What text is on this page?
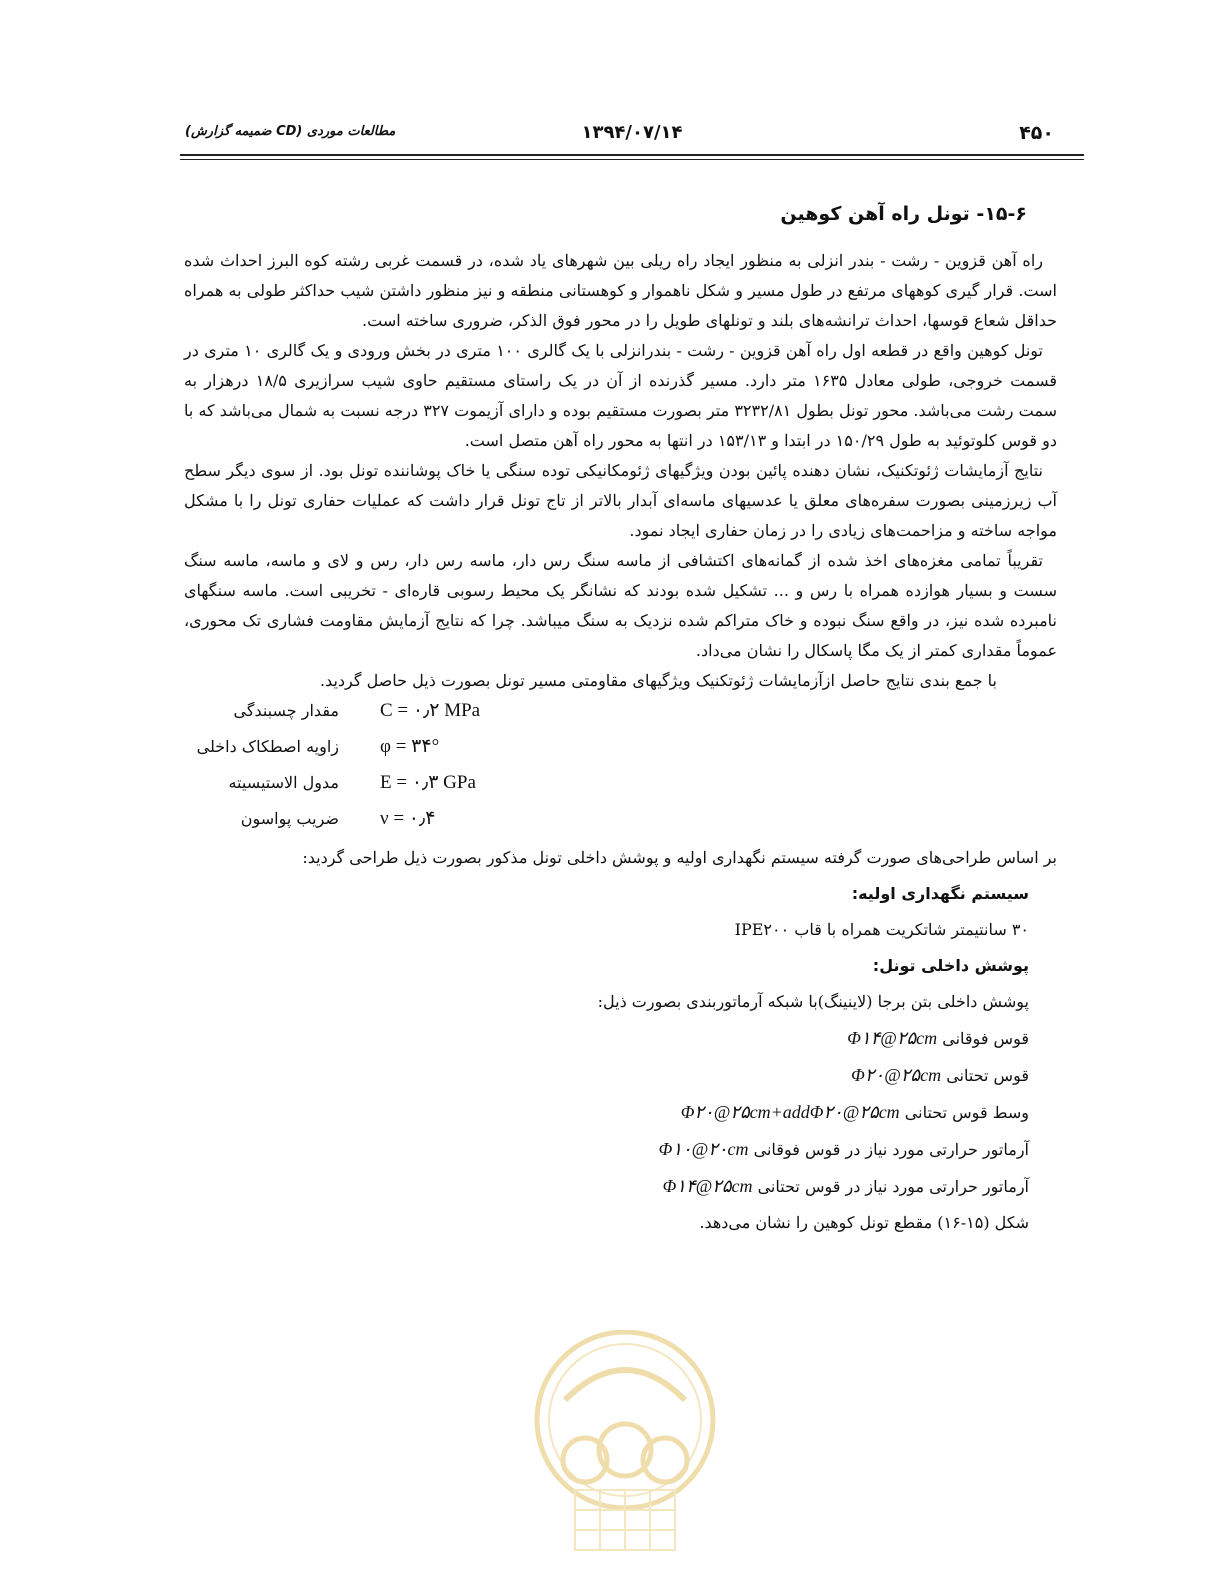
۴۵۰
۱۳۹۴/۰۷/۱۴
مطالعات موردی (CD ضمیمه گزارش)
۱۵-۶- تونل راه آهن کوهین

راه آهن قزوین - رشت - بندر انزلی به منظور ایجاد راه ریلی بین شهرهای یاد شده، در قسمت غربی رشته کوه البرز احداث شده است. قرار گیری کوههای مرتفع در طول مسیر و شکل ناهموار و کوهستانی منطقه و نیز منظور داشتن شیب حداکثر طولی به همراه حداقل شعاع قوسها، احداث ترانشه‌های بلند و تونلهای طویل را در محور فوق الذکر، ضروری ساخته است.

تونل کوهین واقع در قطعه اول راه آهن قزوین - رشت - بندرانزلی با یک گالری ۱۰۰ متری در بخش ورودی و یک گالری ۱۰ متری در قسمت خروجی، طولی معادل ۱۶۳۵ متر دارد. مسیر گذرنده از آن در یک راستای مستقیم حاوی شیب سرازیری ۱۸/۵ درهزار به سمت رشت می‌باشد. محور تونل بطول ۳۲۳۲/۸۱ متر بصورت مستقیم بوده و دارای آزیموت ۳۲۷ درجه نسبت به شمال می‌باشد که با دو قوس کلوتوئید به طول ۱۵۰/۲۹ در ابتدا و ۱۵۳/۱۳ در انتها به محور راه آهن متصل است.

نتایج آزمایشات ژئوتکنیک، نشان دهنده پائین بودن ویژگیهای ژئومکانیکی توده سنگی یا خاک پوشاننده تونل بود. از سوی دیگر سطح آب زیرزمینی بصورت سفره‌های معلق یا عدسیهای ماسه‌ای آبدار بالاتر از تاج تونل قرار داشت که عملیات حفاری تونل را با مشکل مواجه ساخته و مزاحمت‌های زیادی را در زمان حفاری ایجاد نمود.

تقریباً تمامی مغزه‌های اخذ شده از گمانه‌های اکتشافی از ماسه سنگ رس دار، ماسه رس دار، رس و لای و ماسه، ماسه سنگ سست و بسیار هوازده همراه با رس و ... تشکیل شده بودند که نشانگر یک محیط رسوبی قاره‌ای - تخریبی است. ماسه سنگهای نامبرده شده نیز، در واقع سنگ نبوده و خاک متراکم شده نزدیک به سنگ میباشد. چرا که نتایج آزمایش مقاومت فشاری تک محوری، عموماً مقداری کمتر از یک مگا پاسکال را نشان می‌داد.

با جمع بندی نتایج حاصل ازآزمایشات ژئوتکنیک ویژگیهای مقاومتی مسیر تونل بصورت ذیل حاصل گردید.

مقدار چسبندگی C = ۰٫۲ MPa
زاویه اصطکاک داخلی φ = ۳۴°
مدول الاستیسیته E = ۰٫۳ GPa
ضریب پواسون ν = ۰٫۴
بر اساس طراحی‌های صورت گرفته سیستم نگهداری اولیه و پوشش داخلی تونل مذکور بصورت ذیل طراحی گردید:
سیستم نگهداری اولیه:
۳۰ سانتیمتر شاتکریت همراه با قاب IPE۲۰۰
پوشش داخلی تونل:
پوشش داخلی بتن برجا (لاینینگ)با شبکه آرماتوربندی بصورت ذیل:
قوس فوقانی Φ۱۴@۲۵cm
قوس تحتانی Φ۲۰@۲۵cm
وسط قوس تحتانی Φ۲۰@۲۵cm+addΦ۲۰@۲۵cm
آرماتور حرارتی مورد نیاز در قوس فوقانی Φ۱۰@۲۰cm
آرماتور حرارتی مورد نیاز در قوس تحتانی Φ۱۴@۲۵cm
شکل (۱۵-۱۶) مقطع تونل کوهین را نشان می‌دهد.
